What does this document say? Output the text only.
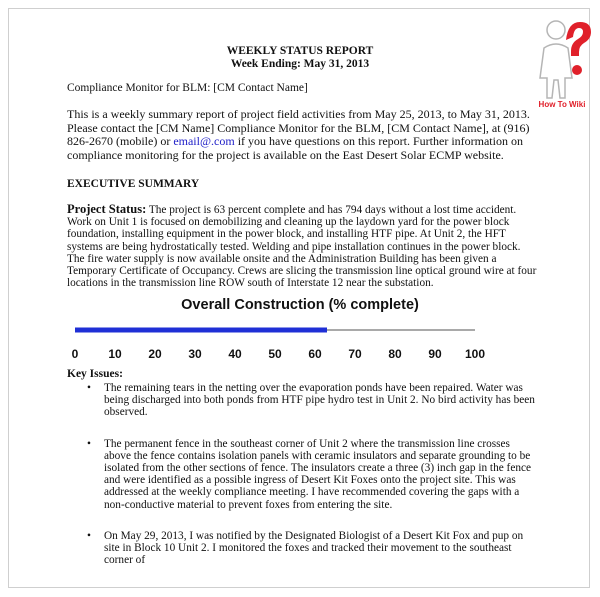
WEEKLY STATUS REPORT
Week Ending: May 31, 2013
Compliance Monitor for BLM: [CM Contact Name]
This is a weekly summary report of project field activities from May 25, 2013, to May 31, 2013. Please contact the [CM Name] Compliance Monitor for the BLM, [CM Contact Name], at (916) 826-2670 (mobile) or email@.com if you have questions on this report. Further information on compliance monitoring for the project is available on the East Desert Solar ECMP website.
EXECUTIVE SUMMARY
Project Status: The project is 63 percent complete and has 794 days without a lost time accident. Work on Unit 1 is focused on demobilizing and cleaning up the laydown yard for the power block foundation, installing equipment in the power block, and installing HTF pipe. At Unit 2, the HFT systems are being hydrostatically tested. Welding and pipe installation continues in the power block. The fire water supply is now available onsite and the Administration Building has been given a Temporary Certificate of Occupancy. Crews are slicing the transmission line optical ground wire at four locations in the transmission line ROW south of Interstate 12 near the substation.
Overall Construction (% complete)
0 10 20 30 40 50 60 70 80 90 100
Key Issues:
• The remaining tears in the netting over the evaporation ponds have been repaired. Water was being discharged into both ponds from HTF pipe hydro test in Unit 2. No bird activity has been observed.
• The permanent fence in the southeast corner of Unit 2 where the transmission line crosses above the fence contains isolation panels with ceramic insulators and separate grounding to be isolated from the other sections of fence. The insulators create a three (3) inch gap in the fence and were identified as a possible ingress of Desert Kit Foxes onto the project site. This was addressed at the weekly compliance meeting. I have recommended covering the gaps with a non-conductive material to prevent foxes from entering the site.
• On May 29, 2013, I was notified by the Designated Biologist of a Desert Kit Fox and pup on site in Block 10 Unit 2. I monitored the foxes and tracked their movement to the southeast corner of
How To Wiki
